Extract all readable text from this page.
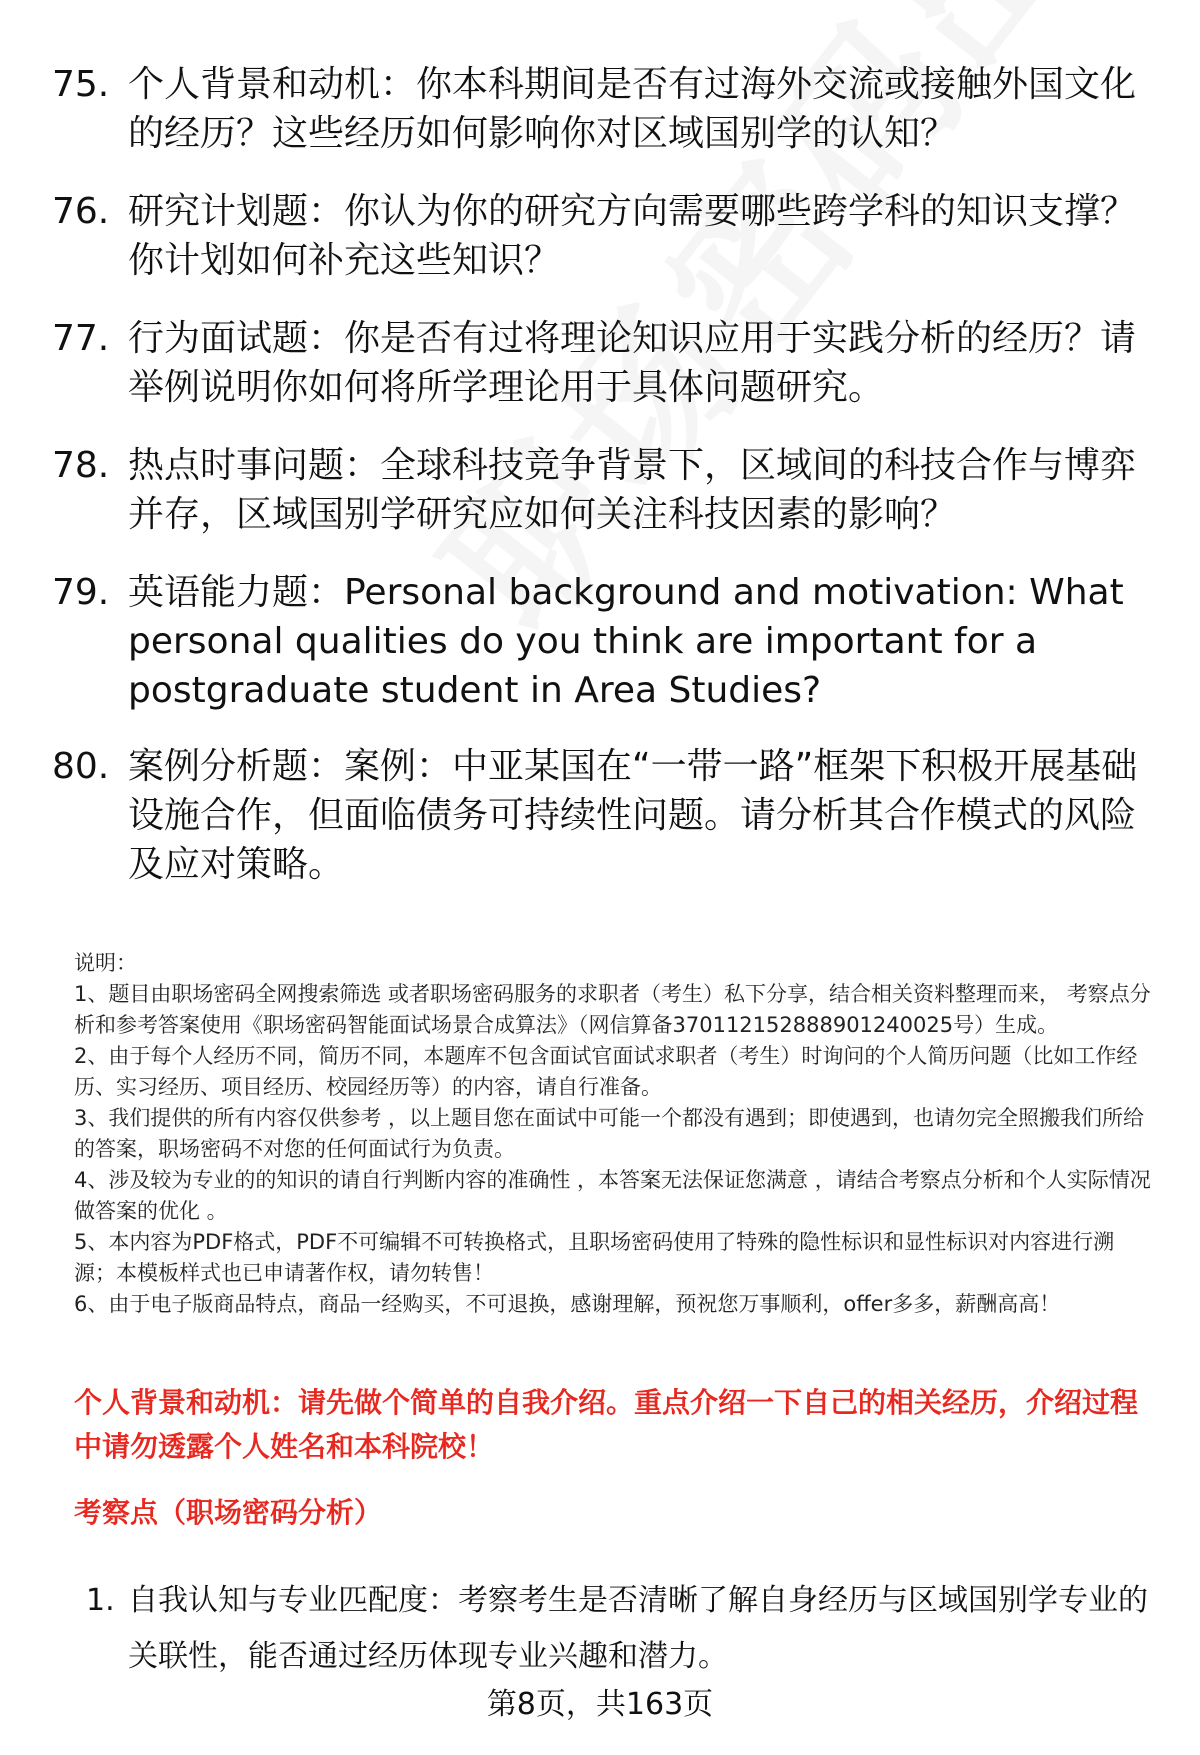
75. 个人背景和动机：你本科期间是否有过海外交流或接触外国文化的经历？这些经历如何影响你对区域国别学的认知？
76. 研究计划题：你认为你的研究方向需要哪些跨学科的知识支撑？你计划如何补充这些知识？
77. 行为面试题：你是否有过将理论知识应用于实践分析的经历？请举例说明你如何将所学理论用于具体问题研究。
78. 热点时事问题：全球科技竞争背景下，区域间的科技合作与博弈并存，区域国别学研究应如何关注科技因素的影响？
79. 英语能力题：Personal background and motivation: What personal qualities do you think are important for a postgraduate student in Area Studies?
80. 案例分析题：案例：中亚某国在“一带一路”框架下积极开展基础设施合作，但面临债务可持续性问题。请分析其合作模式的风险及应对策略。

说明：

1、题目由职场密码全网搜索筛选 或者职场密码服务的求职者（考生）私下分享，结合相关资料整理而来， 考察点分析和参考答案使用《职场密码智能面试场景合成算法》（网信算备370112152888901240025号）生成。

2、由于每个人经历不同，简历不同，本题库不包含面试官面试求职者（考生）时询问的个人简历问题（比如工作经历、实习经历、项目经历、校园经历等）的内容，请自行准备。

3、我们提供的所有内容仅供参考 ，以上题目您在面试中可能一个都没有遇到；即使遇到，也请勿完全照搬我们所给的答案，职场密码不对您的任何面试行为负责。

4、涉及较为专业的的知识的请自行判断内容的准确性 ，本答案无法保证您满意 ，请结合考察点分析和个人实际情况做答案的优化 。

5、本内容为PDF格式，PDF不可编辑不可转换格式，且职场密码使用了特殊的隐性标识和显性标识对内容进行溯源；本模板样式也已申请著作权，请勿转售！

6、由于电子版商品特点，商品一经购买，不可退换，感谢理解，预祝您万事顺利，offer多多，薪酬高高！

个人背景和动机：请先做个简单的自我介绍。重点介绍一下自己的相关经历，介绍过程中请勿透露个人姓名和本科院校！
考察点（职场密码分析）
1. 自我认知与专业匹配度：考察考生是否清晰了解自身经历与区域国别学专业的关联性，能否通过经历体现专业兴趣和潜力。
第8页，共163页
